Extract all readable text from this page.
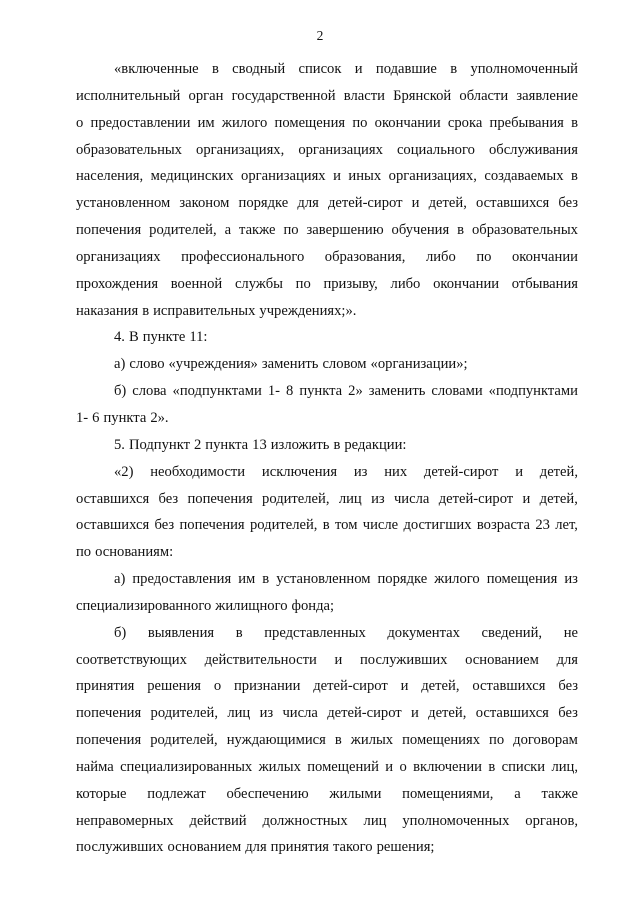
2
«включенные в сводный список и подавшие в уполномоченный
исполнительный орган государственной власти Брянской области заявление
о предоставлении им жилого помещения по окончании срока пребывания в
образовательных организациях, организациях социального обслуживания
населения, медицинских организациях и иных организациях, создаваемых в
установленном законом порядке для детей-сирот и детей, оставшихся без
попечения родителей, а также по завершению обучения в образовательных
организациях профессионального образования, либо по окончании
прохождения военной службы по призыву, либо окончании отбывания
наказания в исправительных учреждениях;».
4. В пункте 11:
а) слово «учреждения» заменить словом «организации»;
б) слова «подпунктами 1- 8 пункта 2» заменить словами «подпунктами
1- 6 пункта 2».
5. Подпункт 2 пункта 13 изложить в редакции:
«2) необходимости исключения из них детей-сирот и детей,
оставшихся без попечения родителей, лиц из числа детей-сирот и детей,
оставшихся без попечения родителей, в том числе достигших возраста 23 лет,
по основаниям:
а) предоставления им в установленном порядке жилого помещения из
специализированного жилищного фонда;
б) выявления в представленных документах сведений, не
соответствующих действительности и послуживших основанием для
принятия решения о признании детей-сирот и детей, оставшихся без
попечения родителей, лиц из числа детей-сирот и детей, оставшихся без
попечения родителей, нуждающимися в жилых помещениях по договорам
найма специализированных жилых помещений и о включении в списки лиц,
которые подлежат обеспечению жилыми помещениями, а также
неправомерных действий должностных лиц уполномоченных органов,
послуживших основанием для принятия такого решения;
